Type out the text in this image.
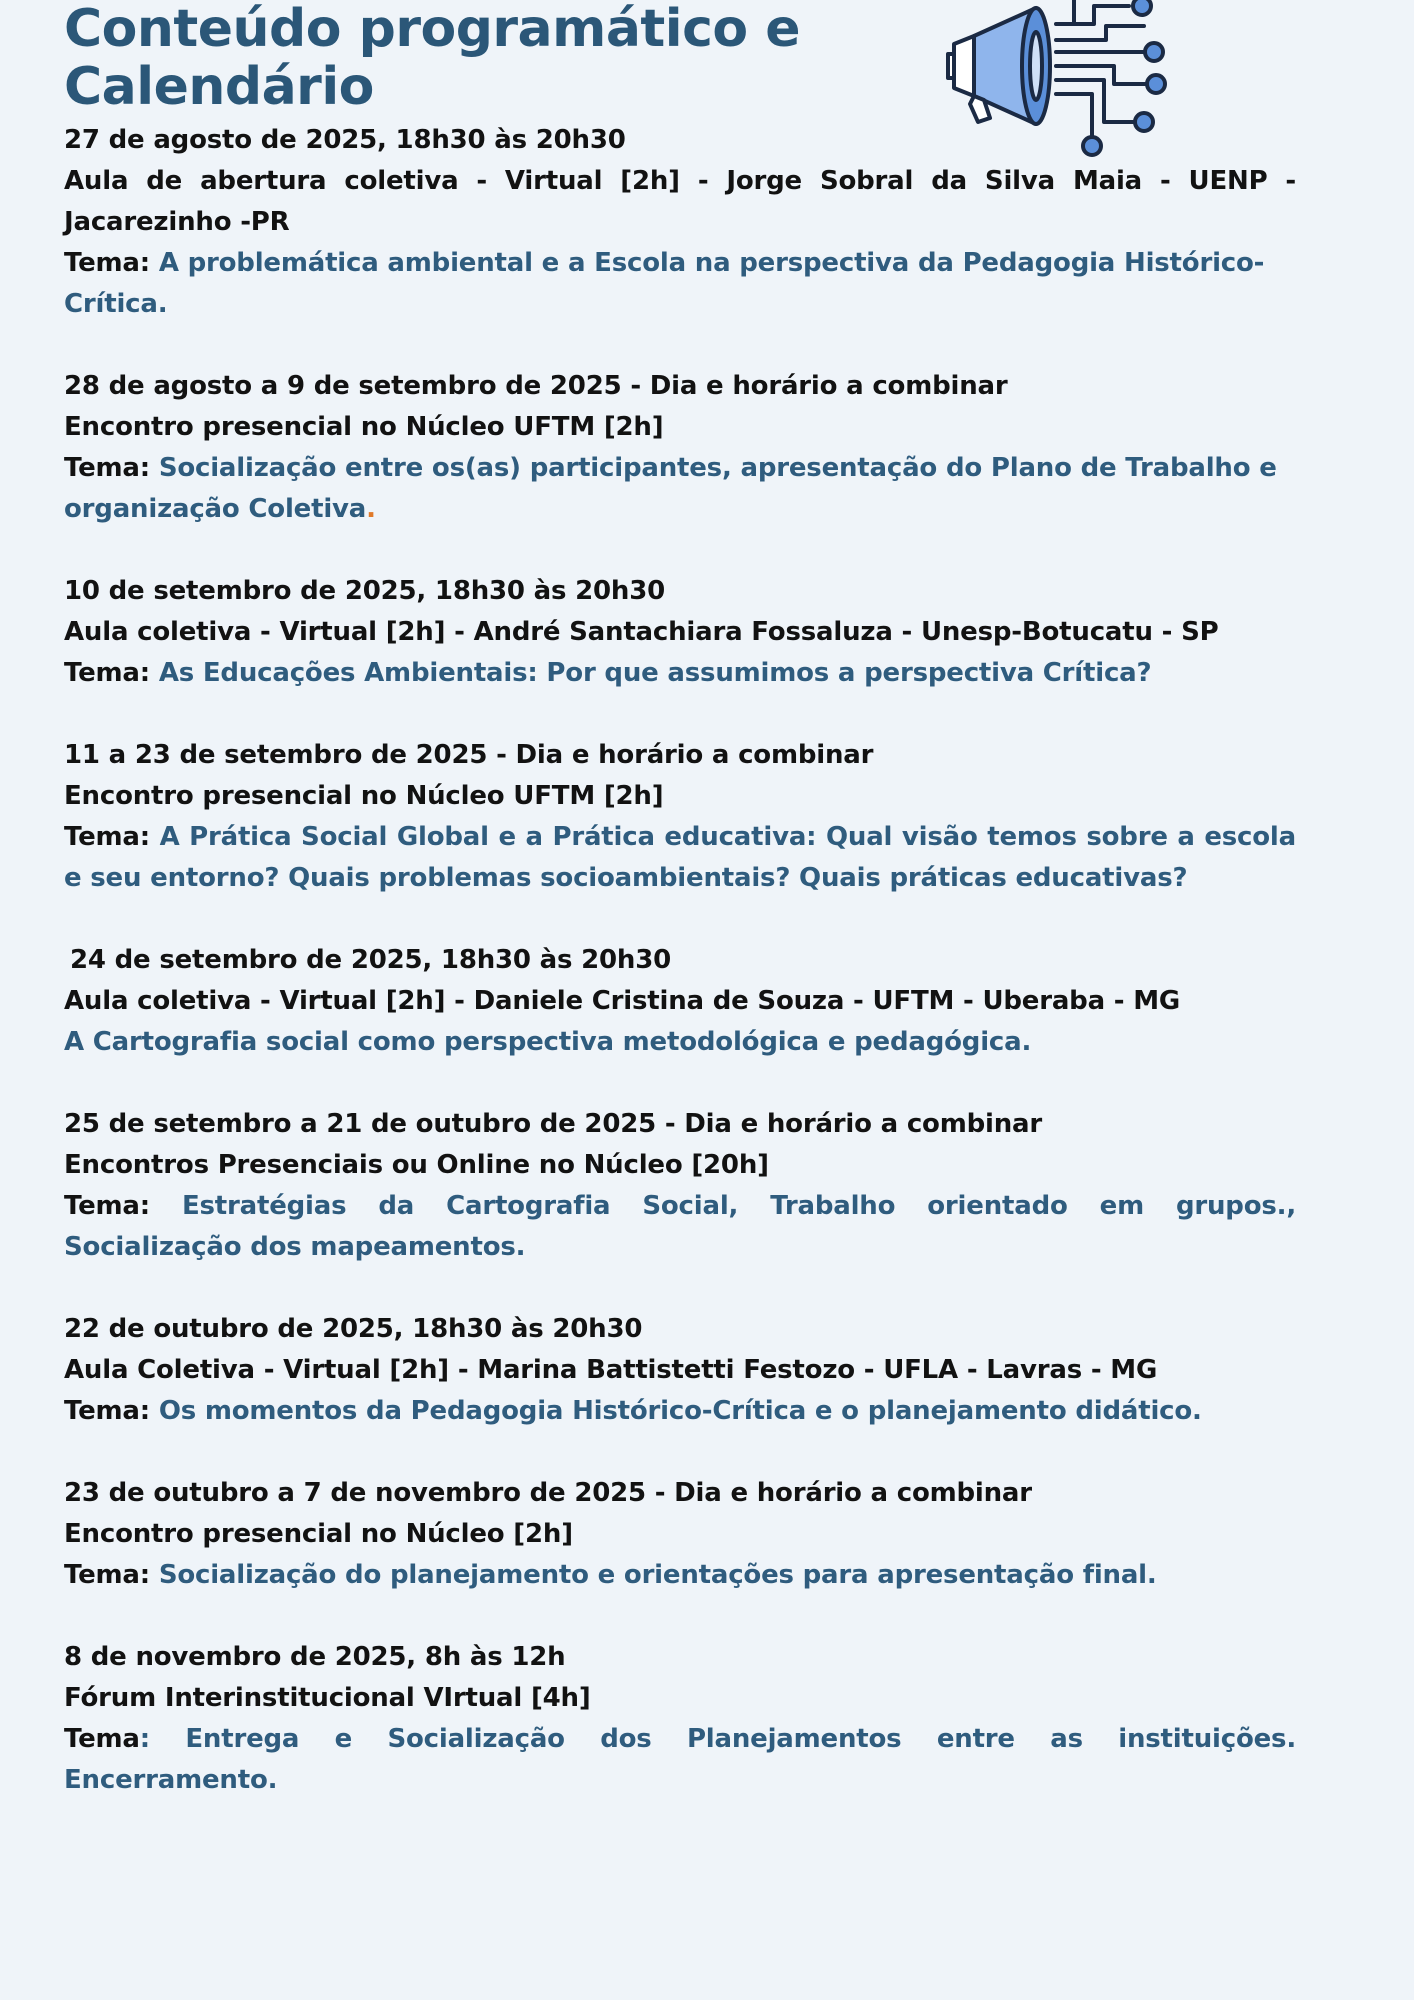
Conteúdo programático e
Calendário
27 de agosto de 2025, 18h30 às 20h30
Aula de abertura coletiva - Virtual [2h] - Jorge Sobral da Silva Maia - UENP - Jacarezinho -PR
Tema: A problemática ambiental e a Escola na perspectiva da Pedagogia Histórico-Crítica.
28 de agosto a 9 de setembro de 2025 - Dia e horário a combinar
Encontro presencial no Núcleo UFTM [2h]
Tema: Socialização entre os(as) participantes, apresentação do Plano de Trabalho e organização Coletiva.
10 de setembro de 2025, 18h30 às 20h30
Aula coletiva - Virtual [2h] - André Santachiara Fossaluza - Unesp-Botucatu - SP
Tema: As Educações Ambientais: Por que assumimos a perspectiva Crítica?
11 a 23 de setembro de 2025 - Dia e horário a combinar
Encontro presencial no Núcleo UFTM [2h]
Tema: A Prática Social Global e a Prática educativa: Qual visão temos sobre a escola e seu entorno? Quais problemas socioambientais? Quais práticas educativas?
24 de setembro de 2025, 18h30 às 20h30
Aula coletiva - Virtual [2h] - Daniele Cristina de Souza - UFTM - Uberaba - MG
A Cartografia social como perspectiva metodológica e pedagógica.
25 de setembro a 21 de outubro de 2025 - Dia e horário a combinar
Encontros Presenciais ou Online no Núcleo [20h]
Tema: Estratégias da Cartografia Social, Trabalho orientado em grupos., Socialização dos mapeamentos.
22 de outubro de 2025, 18h30 às 20h30
Aula Coletiva - Virtual [2h] - Marina Battistetti Festozo - UFLA - Lavras - MG
Tema: Os momentos da Pedagogia Histórico-Crítica e o planejamento didático.
23 de outubro a 7 de novembro de 2025 - Dia e horário a combinar
Encontro presencial no Núcleo [2h]
Tema: Socialização do planejamento e orientações para apresentação final.
8 de novembro de 2025, 8h às 12h
Fórum Interinstitucional VIrtual [4h]
Tema: Entrega e Socialização dos Planejamentos entre as instituições. Encerramento.
